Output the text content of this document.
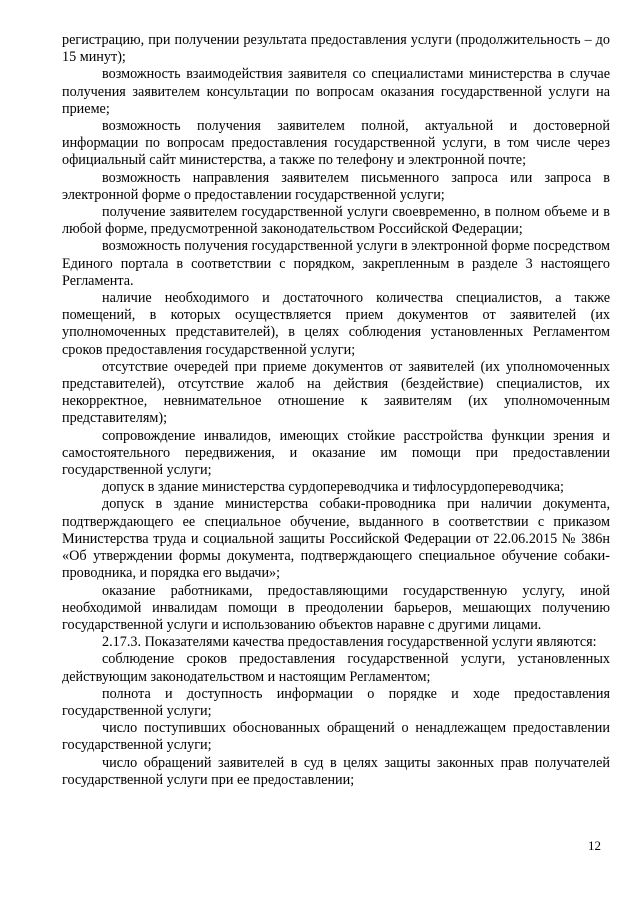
регистрацию, при получении результата предоставления услуги (продолжительность – до 15 минут);

возможность взаимодействия заявителя со специалистами министерства в случае получения заявителем консультации по вопросам оказания государственной услуги на приеме;

возможность получения заявителем полной, актуальной и достоверной информации по вопросам предоставления государственной услуги, в том числе через официальный сайт министерства, а также по телефону и электронной почте;

возможность направления заявителем письменного запроса или запроса в электронной форме о предоставлении государственной услуги;

получение заявителем государственной услуги своевременно, в полном объеме и в любой форме, предусмотренной законодательством Российской Федерации;

возможность получения государственной услуги в электронной форме посредством Единого портала в соответствии с порядком, закрепленным в разделе 3 настоящего Регламента.

наличие необходимого и достаточного количества специалистов, а также помещений, в которых осуществляется прием документов от заявителей (их уполномоченных представителей), в целях соблюдения установленных Регламентом сроков предоставления государственной услуги;

отсутствие очередей при приеме документов от заявителей (их уполномоченных представителей), отсутствие жалоб на действия (бездействие) специалистов, их некорректное, невнимательное отношение к заявителям (их уполномоченным представителям);

сопровождение инвалидов, имеющих стойкие расстройства функции зрения и самостоятельного передвижения, и оказание им помощи при предоставлении государственной услуги;

допуск в здание министерства сурдопереводчика и тифлосурдопереводчика;

допуск в здание министерства собаки-проводника при наличии документа, подтверждающего ее специальное обучение, выданного в соответствии с приказом Министерства труда и социальной защиты Российской Федерации от 22.06.2015 № 386н «Об утверждении формы документа, подтверждающего специальное обучение собаки-проводника, и порядка его выдачи»;

оказание работниками, предоставляющими государственную услугу, иной необходимой инвалидам помощи в преодолении барьеров, мешающих получению государственной услуги и использованию объектов наравне с другими лицами.

2.17.3. Показателями качества предоставления государственной услуги являются:

соблюдение сроков предоставления государственной услуги, установленных действующим законодательством и настоящим Регламентом;

полнота и доступность информации о порядке и ходе предоставления государственной услуги;

число поступивших обоснованных обращений о ненадлежащем предоставлении государственной услуги;

число обращений заявителей в суд в целях защиты законных прав получателей государственной услуги при ее предоставлении;

12
